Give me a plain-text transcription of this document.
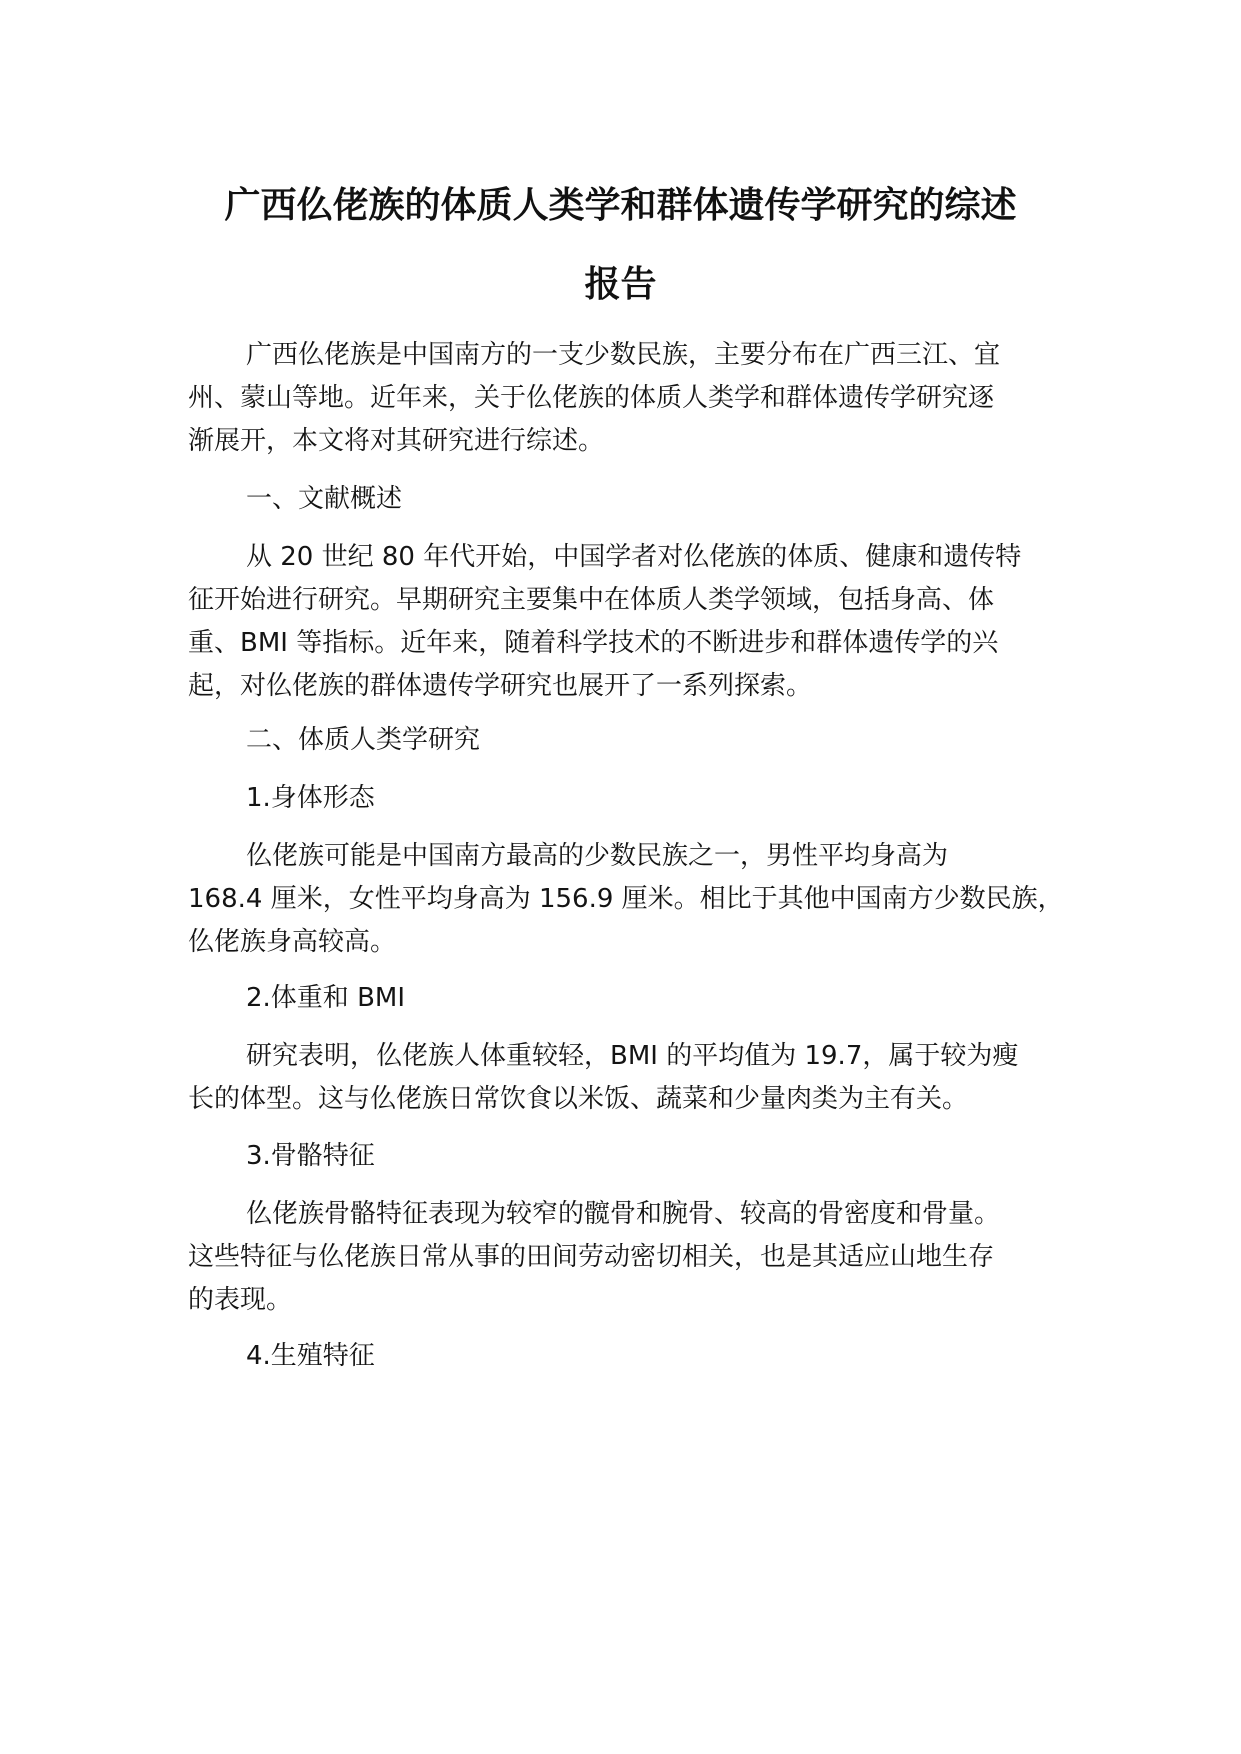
广西仫佬族的体质人类学和群体遗传学研究的综述
报告
广西仫佬族是中国南方的一支少数民族，主要分布在广西三江、宜
州、蒙山等地。近年来，关于仫佬族的体质人类学和群体遗传学研究逐
渐展开，本文将对其研究进行综述。
一、文献概述
从 20 世纪 80 年代开始，中国学者对仫佬族的体质、健康和遗传特
征开始进行研究。早期研究主要集中在体质人类学领域，包括身高、体
重、BMI 等指标。近年来，随着科学技术的不断进步和群体遗传学的兴
起，对仫佬族的群体遗传学研究也展开了一系列探索。
二、体质人类学研究
1.身体形态
仫佬族可能是中国南方最高的少数民族之一，男性平均身高为
168.4 厘米，女性平均身高为 156.9 厘米。相比于其他中国南方少数民族，
仫佬族身高较高。
2.体重和 BMI
研究表明，仫佬族人体重较轻，BMI 的平均值为 19.7，属于较为瘦
长的体型。这与仫佬族日常饮食以米饭、蔬菜和少量肉类为主有关。
3.骨骼特征
仫佬族骨骼特征表现为较窄的髋骨和腕骨、较高的骨密度和骨量。
这些特征与仫佬族日常从事的田间劳动密切相关，也是其适应山地生存
的表现。
4.生殖特征
